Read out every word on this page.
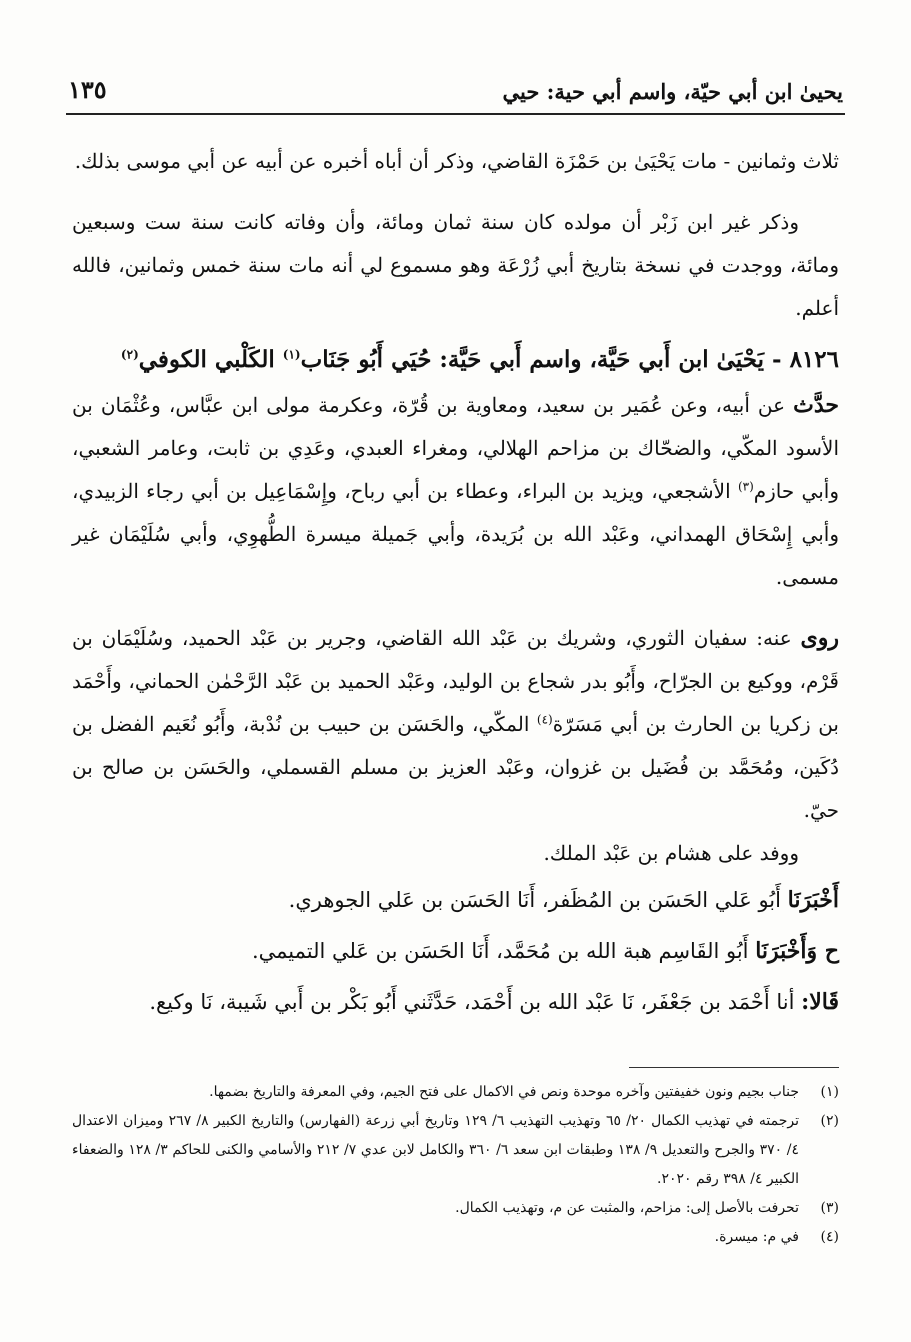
يحيىٰ ابن أبي حيّة، واسم أبي حية: حيي
١٣٥

ثلاث وثمانين - مات يَحْيَىٰ بن حَمْزَة القاضي، وذكر أن أباه أخبره عن أبيه عن أبي موسى بذلك.

وذكر غير ابن زَبْر أن مولده كان سنة ثمان ومائة، وأن وفاته كانت سنة ست وسبعين ومائة، ووجدت في نسخة بتاريخ أبي زُرْعَة وهو مسموع لي أنه مات سنة خمس وثمانين، فالله أعلم.

٨١٢٦ - يَحْيَىٰ ابن أَبي حَيَّة، واسم أَبي حَيَّة: حُيَي أَبُو جَنَاب$^{(١)}$ الكَلْبي الكوفي$^{(٢)}$

حدَّث عن أبيه، وعن عُمَير بن سعيد، ومعاوية بن قُرّة، وعكرمة مولى ابن عبَّاس، وعُثْمَان بن الأسود المكّي، والضحّاك بن مزاحم الهلالي، ومغراء العبدي، وعَدِي بن ثابت، وعامر الشعبي، وأبي حازم$^{(٣)}$ الأشجعي، ويزيد بن البراء، وعطاء بن أبي رباح، وإِسْمَاعِيل بن أبي رجاء الزبيدي، وأبي إِسْحَاق الهمداني، وعَبْد الله بن بُرَيدة، وأبي جَميلة ميسرة الطُّهوِي، وأبي سُلَيْمَان غير مسمى.

روى عنه: سفيان الثوري، وشريك بن عَبْد الله القاضي، وجرير بن عَبْد الحميد، وسُلَيْمَان بن قَرْم، ووكيع بن الجرّاح، وأَبُو بدر شجاع بن الوليد، وعَبْد الحميد بن عَبْد الرَّحْمٰن الحماني، وأَحْمَد بن زكريا بن الحارث بن أبي مَسَرّة$^{(٤)}$ المكّي، والحَسَن بن حبيب بن نُدْبة، وأَبُو نُعَيم الفضل بن دُكَين، ومُحَمَّد بن فُضَيل بن غزوان، وعَبْد العزيز بن مسلم القسملي، والحَسَن بن صالح بن حيّ.

ووفد على هشام بن عَبْد الملك.

أَخْبَرَنَا أَبُو عَلي الحَسَن بن المُظَفر، أَنَا الحَسَن بن عَلي الجوهري.

ح وَأَخْبَرَنَا أَبُو القَاسِم هبة الله بن مُحَمَّد، أَنَا الحَسَن بن عَلي التميمي.

قَالا: أنا أَحْمَد بن جَعْفَر، نَا عَبْد الله بن أَحْمَد، حَدَّثَني أَبُو بَكْر بن أَبي شَيبة، نَا وكيع.

(١)
جناب بجيم ونون خفيفتين وآخره موحدة ونص في الاكمال على فتح الجيم، وفي المعرفة والتاريخ بضمها.

(٢)
ترجمته في تهذيب الكمال ٢٠/ ٦٥ وتهذيب التهذيب ٦/ ١٢٩ وتاريخ أبي زرعة (الفهارس) والتاريخ الكبير ٨/ ٢٦٧ وميزان الاعتدال ٤/ ٣٧٠ والجرح والتعديل ٩/ ١٣٨ وطبقات ابن سعد ٦/ ٣٦٠ والكامل لابن عدي ٧/ ٢١٢ والأسامي والكنى للحاكم ٣/ ١٢٨ والضعفاء الكبير ٤/ ٣٩٨ رقم ٢٠٢٠.

(٣)
تحرفت بالأصل إلى: مزاحم، والمثبت عن م، وتهذيب الكمال.

(٤)
في م: ميسرة.
